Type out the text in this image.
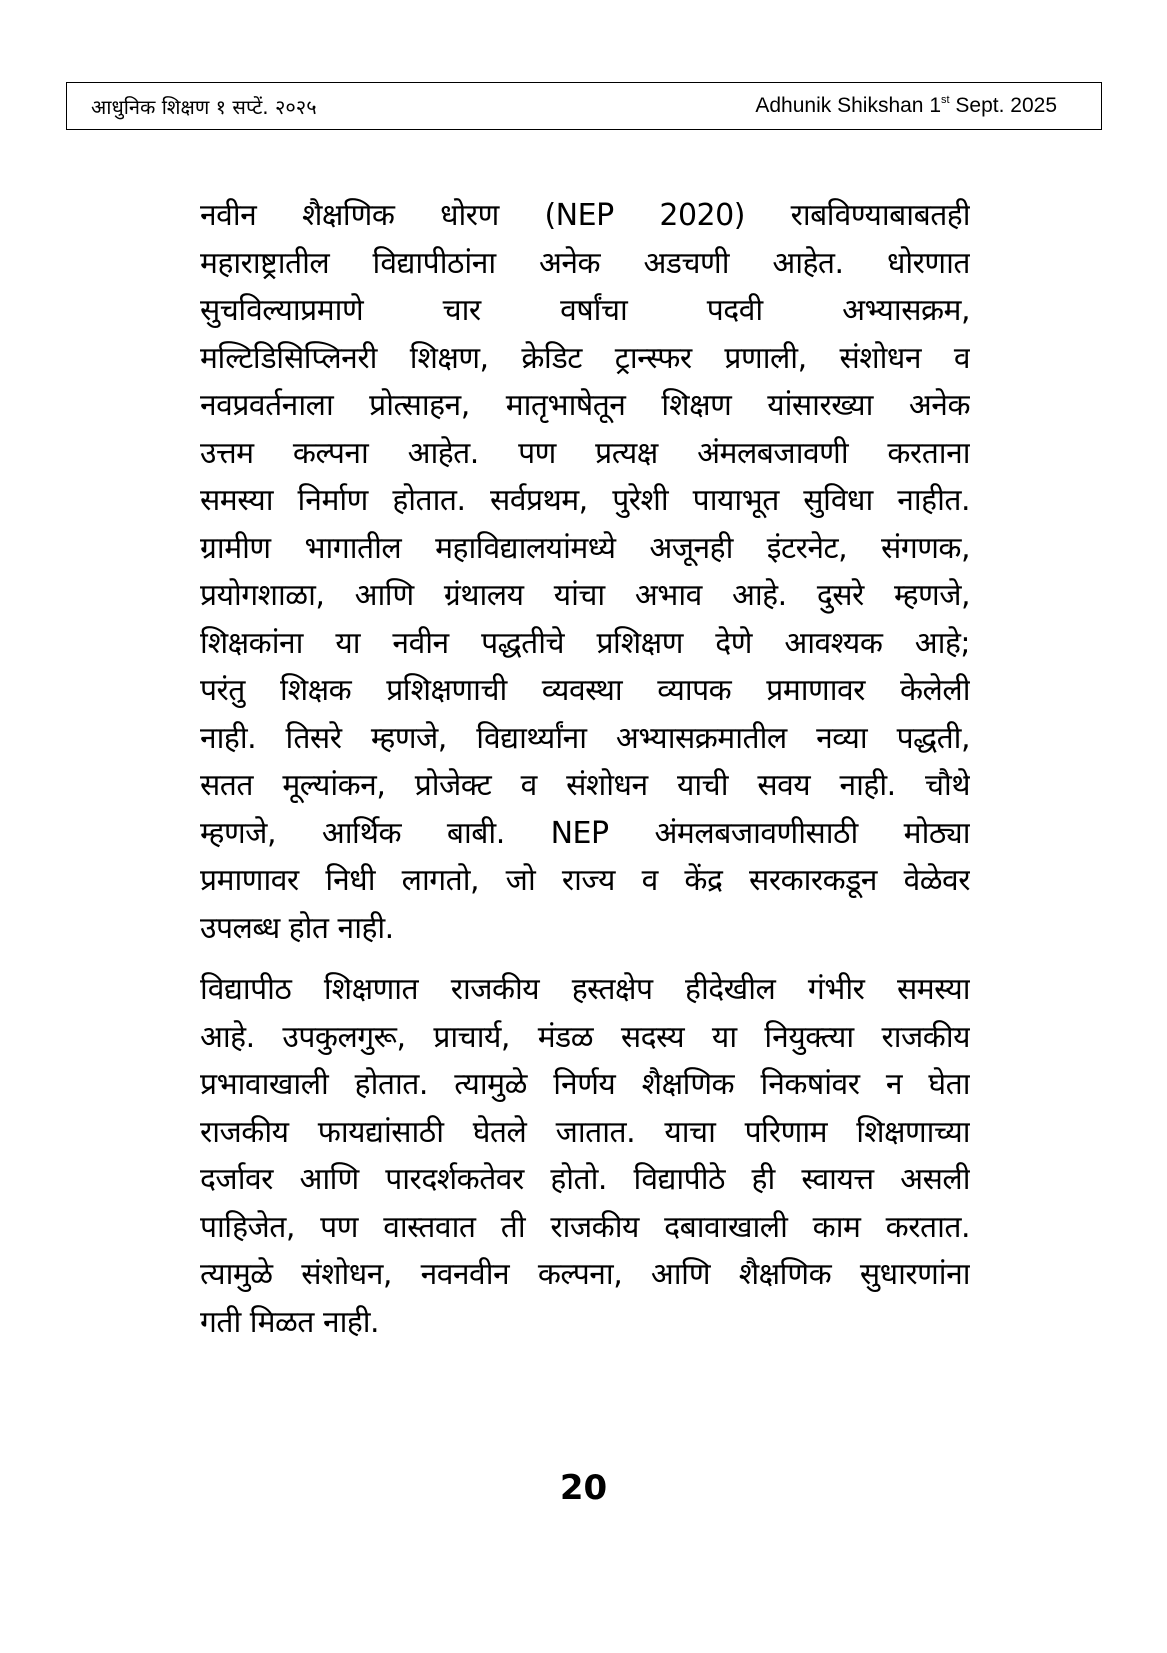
आधुनिक शिक्षण १ सप्टें. २०२५	Adhunik Shikshan 1st Sept. 2025
नवीन शैक्षणिक धोरण (NEP 2020) राबविण्याबाबतही
महाराष्ट्रातील विद्यापीठांना अनेक अडचणी आहेत. धोरणात
सुचविल्याप्रमाणे चार वर्षांचा पदवी अभ्यासक्रम,
मल्टिडिसिप्लिनरी शिक्षण, क्रेडिट ट्रान्स्फर प्रणाली, संशोधन व
नवप्रवर्तनाला प्रोत्साहन, मातृभाषेतून शिक्षण यांसारख्या अनेक
उत्तम कल्पना आहेत. पण प्रत्यक्ष अंमलबजावणी करताना
समस्या निर्माण होतात. सर्वप्रथम, पुरेशी पायाभूत सुविधा नाहीत.
ग्रामीण भागातील महाविद्यालयांमध्ये अजूनही इंटरनेट, संगणक,
प्रयोगशाळा, आणि ग्रंथालय यांचा अभाव आहे. दुसरे म्हणजे,
शिक्षकांना या नवीन पद्धतीचे प्रशिक्षण देणे आवश्यक आहे;
परंतु शिक्षक प्रशिक्षणाची व्यवस्था व्यापक प्रमाणावर केलेली
नाही. तिसरे म्हणजे, विद्यार्थ्यांना अभ्यासक्रमातील नव्या पद्धती,
सतत मूल्यांकन, प्रोजेक्ट व संशोधन याची सवय नाही. चौथे
म्हणजे, आर्थिक बाबी. NEP अंमलबजावणीसाठी मोठ्या
प्रमाणावर निधी लागतो, जो राज्य व केंद्र सरकारकडून वेळेवर
उपलब्ध होत नाही.
विद्यापीठ शिक्षणात राजकीय हस्तक्षेप हीदेखील गंभीर समस्या
आहे. उपकुलगुरू, प्राचार्य, मंडळ सदस्य या नियुक्त्या राजकीय
प्रभावाखाली होतात. त्यामुळे निर्णय शैक्षणिक निकषांवर न घेता
राजकीय फायद्यांसाठी घेतले जातात. याचा परिणाम शिक्षणाच्या
दर्जावर आणि पारदर्शकतेवर होतो. विद्यापीठे ही स्वायत्त असली
पाहिजेत, पण वास्तवात ती राजकीय दबावाखाली काम करतात.
त्यामुळे संशोधन, नवनवीन कल्पना, आणि शैक्षणिक सुधारणांना
गती मिळत नाही.
20
